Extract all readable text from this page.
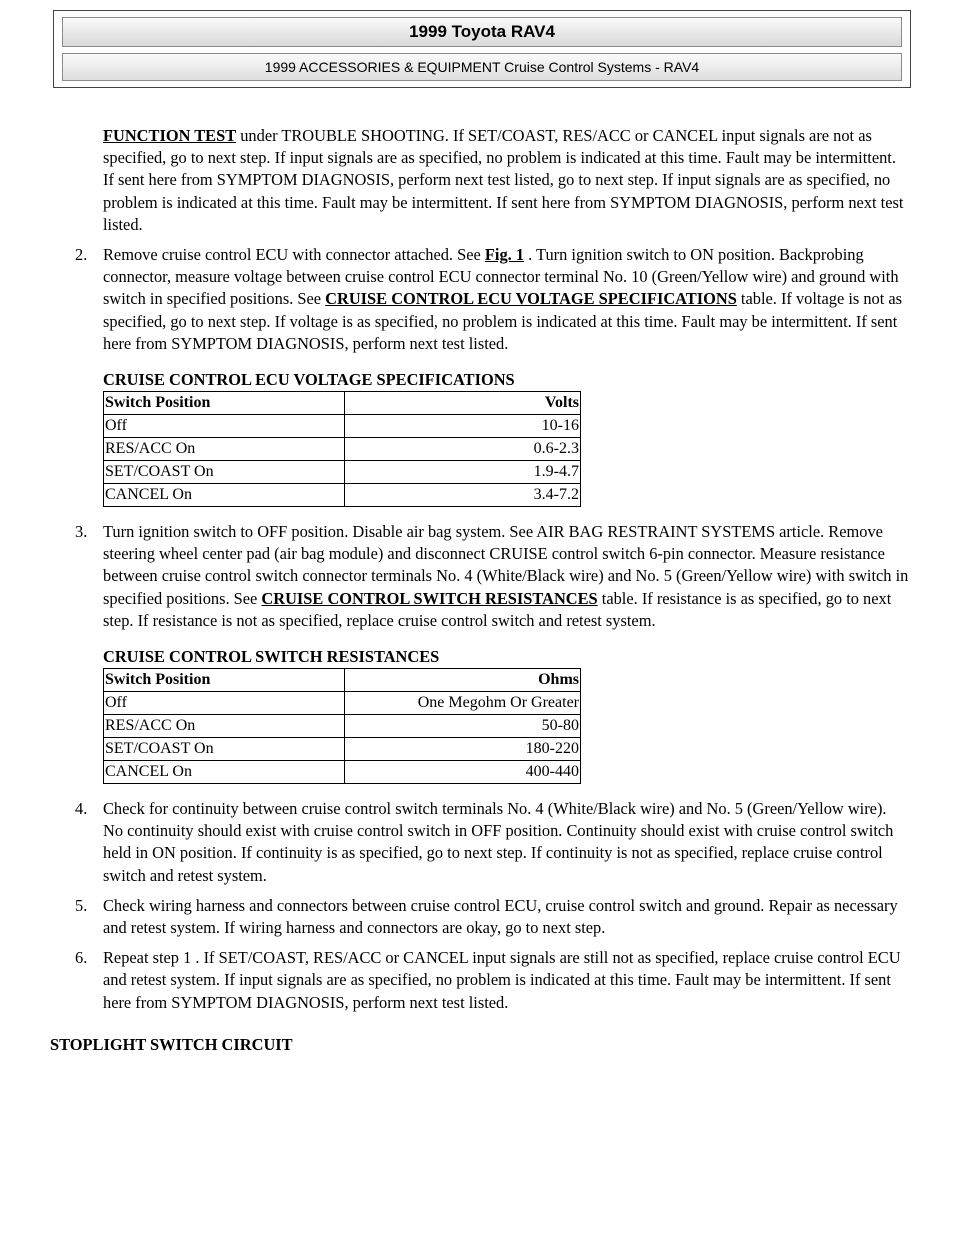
1999 Toyota RAV4
1999 ACCESSORIES & EQUIPMENT Cruise Control Systems - RAV4

FUNCTION TEST under TROUBLE SHOOTING. If SET/COAST, RES/ACC or CANCEL input signals are not as specified, go to next step. If input signals are as specified, no problem is indicated at this time. Fault may be intermittent. If sent here from SYMPTOM DIAGNOSIS, perform next test listed, go to next step. If input signals are as specified, no problem is indicated at this time. Fault may be intermittent. If sent here from SYMPTOM DIAGNOSIS, perform next test listed.

2. Remove cruise control ECU with connector attached. See Fig. 1 . Turn ignition switch to ON position. Backprobing connector, measure voltage between cruise control ECU connector terminal No. 10 (Green/Yellow wire) and ground with switch in specified positions. See CRUISE CONTROL ECU VOLTAGE SPECIFICATIONS table. If voltage is not as specified, go to next step. If voltage is as specified, no problem is indicated at this time. Fault may be intermittent. If sent here from SYMPTOM DIAGNOSIS, perform next test listed.
CRUISE CONTROL ECU VOLTAGE SPECIFICATIONS
Switch Position	Volts
Off	10-16
RES/ACC On	0.6-2.3
SET/COAST On	1.9-4.7
CANCEL On	3.4-7.2
3. Turn ignition switch to OFF position. Disable air bag system. See AIR BAG RESTRAINT SYSTEMS article. Remove steering wheel center pad (air bag module) and disconnect CRUISE control switch 6-pin connector. Measure resistance between cruise control switch connector terminals No. 4 (White/Black wire) and No. 5 (Green/Yellow wire) with switch in specified positions. See CRUISE CONTROL SWITCH RESISTANCES table. If resistance is as specified, go to next step. If resistance is not as specified, replace cruise control switch and retest system.
CRUISE CONTROL SWITCH RESISTANCES
Switch Position	Ohms
Off	One Megohm Or Greater
RES/ACC On	50-80
SET/COAST On	180-220
CANCEL On	400-440
4. Check for continuity between cruise control switch terminals No. 4 (White/Black wire) and No. 5 (Green/Yellow wire). No continuity should exist with cruise control switch in OFF position. Continuity should exist with cruise control switch held in ON position. If continuity is as specified, go to next step. If continuity is not as specified, replace cruise control switch and retest system.
5. Check wiring harness and connectors between cruise control ECU, cruise control switch and ground. Repair as necessary and retest system. If wiring harness and connectors are okay, go to next step.
6. Repeat step 1 . If SET/COAST, RES/ACC or CANCEL input signals are still not as specified, replace cruise control ECU and retest system. If input signals are as specified, no problem is indicated at this time. Fault may be intermittent. If sent here from SYMPTOM DIAGNOSIS, perform next test listed.
STOPLIGHT SWITCH CIRCUIT
